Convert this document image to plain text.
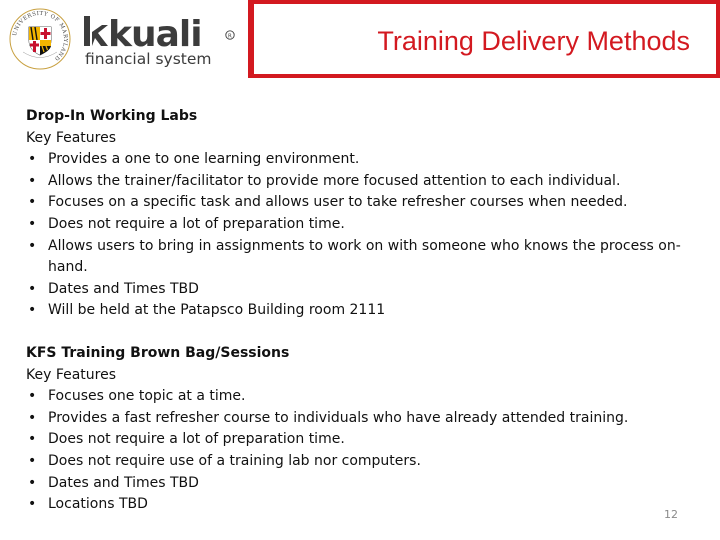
UNIVERSITY OF MARYLAND
kuali	R
financial system
Training Delivery Methods

Drop-In Working Labs

Key Features

• Provides a one to one learning environment.
• Allows the trainer/facilitator to provide more focused attention to each individual.
• Focuses on a specific task and allows user to take refresher courses when needed.
• Does not require a lot of preparation time.
• Allows users to bring in assignments to work on with someone who knows the process on-hand.
• Dates and Times TBD
• Will be held at the Patapsco Building room 2111

KFS Training Brown Bag/Sessions

Key Features

• Focuses one topic at a time.
• Provides a fast refresher course to individuals who have already attended training.
• Does not require a lot of preparation time.
• Does not require use of a training lab nor computers.
• Dates and Times TBD
• Locations TBD
12
